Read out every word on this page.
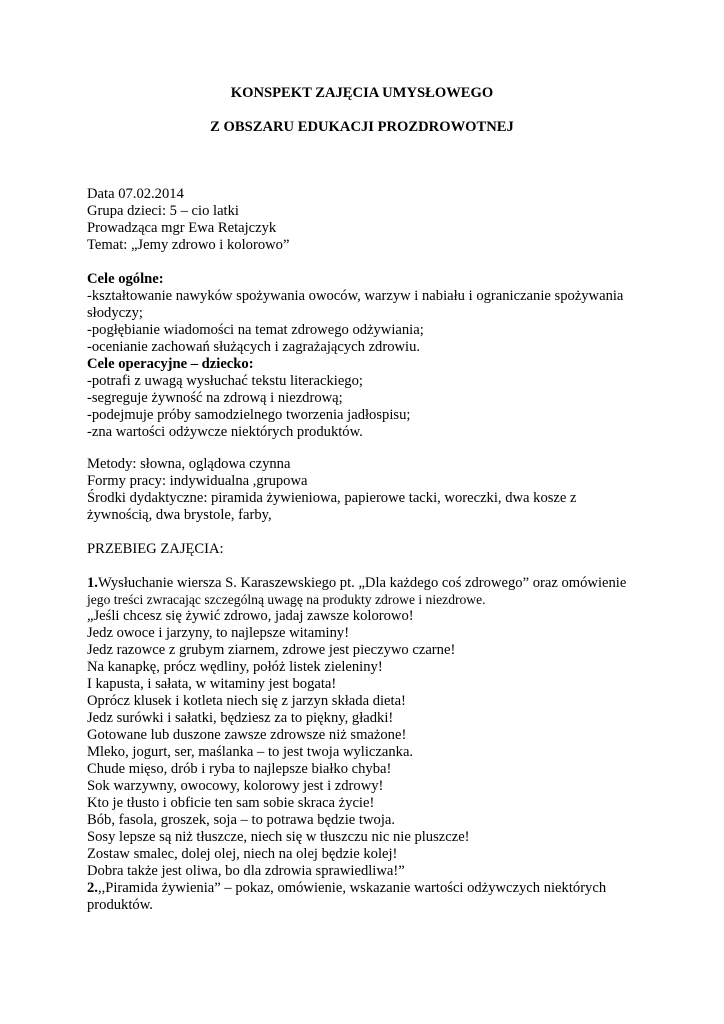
KONSPEKT ZAJĘCIA UMYSŁOWEGO
Z OBSZARU EDUKACJI PROZDROWOTNEJ
Data 07.02.2014
Grupa dzieci: 5 – cio latki
Prowadząca mgr Ewa Retajczyk
Temat: „Jemy zdrowo i kolorowo”
Cele ogólne:
-kształtowanie nawyków spożywania owoców, warzyw i nabiału i ograniczanie spożywania
słodyczy;
-pogłębianie wiadomości na temat zdrowego odżywiania;
-ocenianie zachowań służących i zagrażających zdrowiu.
Cele operacyjne – dziecko:
-potrafi z uwagą wysłuchać tekstu literackiego;
-segreguje żywność na zdrową i niezdrową;
-podejmuje próby samodzielnego tworzenia jadłospisu;
-zna wartości odżywcze niektórych produktów.
Metody: słowna, oglądowa czynna
Formy pracy: indywidualna ,grupowa
Środki dydaktyczne: piramida żywieniowa, papierowe tacki, woreczki, dwa kosze z
żywnością, dwa brystole, farby,
PRZEBIEG ZAJĘCIA:
1.Wysłuchanie wiersza S. Karaszewskiego pt. „Dla każdego coś zdrowego” oraz omówienie
jego treści zwracając szczególną uwagę na produkty zdrowe i niezdrowe.
„Jeśli chcesz się żywić zdrowo, jadaj zawsze kolorowo!
Jedz owoce i jarzyny, to najlepsze witaminy!
Jedz razowce z grubym ziarnem, zdrowe jest pieczywo czarne!
Na kanapkę, prócz wędliny, połóż listek zieleniny!
I kapusta, i sałata, w witaminy jest bogata!
Oprócz klusek i kotleta niech się z jarzyn składa dieta!
Jedz surówki i sałatki, będziesz za to piękny, gładki!
Gotowane lub duszone zawsze zdrowsze niż smażone!
Mleko, jogurt, ser, maślanka – to jest twoja wyliczanka.
Chude mięso, drób i ryba to najlepsze białko chyba!
Sok warzywny, owocowy, kolorowy jest i zdrowy!
Kto je tłusto i obficie ten sam sobie skraca życie!
Bób, fasola, groszek, soja – to potrawa będzie twoja.
Sosy lepsze są niż tłuszcze, niech się w tłuszczu nic nie pluszcze!
Zostaw smalec, dolej olej, niech na olej będzie kolej!
Dobra także jest oliwa, bo dla zdrowia sprawiedliwa!”
2.,,Piramida żywienia” – pokaz, omówienie, wskazanie wartości odżywczych niektórych
produktów.
